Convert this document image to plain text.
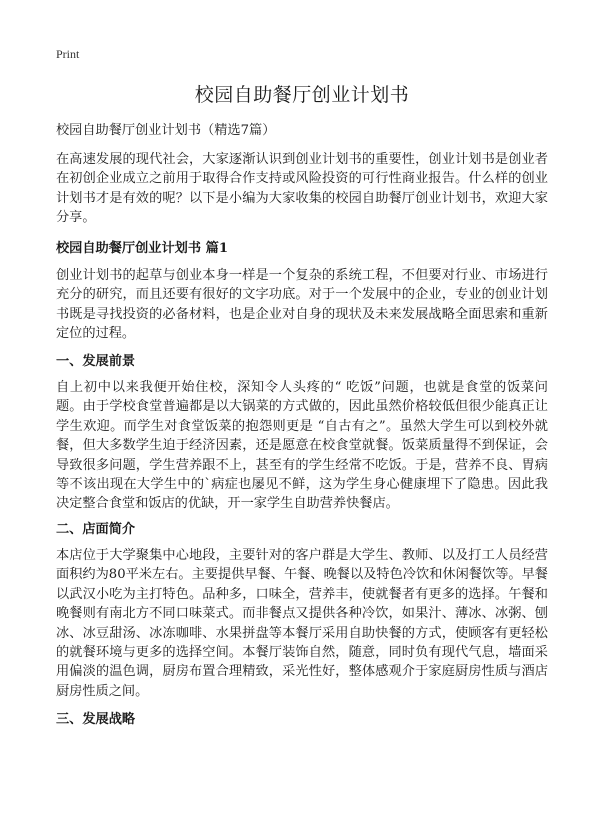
Print
校园自助餐厅创业计划书

校园自助餐厅创业计划书（精选7篇）

在高速发展的现代社会，大家逐渐认识到创业计划书的重要性，创业计划书是创业者在初创企业成立之前用于取得合作支持或风险投资的可行性商业报告。什么样的创业计划书才是有效的呢？以下是小编为大家收集的校园自助餐厅创业计划书，欢迎大家分享。

校园自助餐厅创业计划书 篇1

创业计划书的起草与创业本身一样是一个复杂的系统工程，不但要对行业、市场进行充分的研究，而且还要有很好的文字功底。对于一个发展中的企业，专业的创业计划书既是寻找投资的必备材料，也是企业对自身的现状及未来发展战略全面思索和重新定位的过程。

一、发展前景

自上初中以来我便开始住校，深知令人头疼的“ 吃饭”问题，也就是食堂的饭菜问题。由于学校食堂普遍都是以大锅菜的方式做的，因此虽然价格较低但很少能真正让学生欢迎。而学生对食堂饭菜的抱怨则更是 “自古有之”。虽然大学生可以到校外就餐，但大多数学生迫于经济因素，还是愿意在校食堂就餐。饭菜质量得不到保证，会导致很多问题，学生营养跟不上，甚至有的学生经常不吃饭。于是，营养不良、胃病等不该出现在大学生中的`病症也屡见不鲜，这为学生身心健康埋下了隐患。因此我决定整合食堂和饭店的优缺，开一家学生自助营养快餐店。

二、店面简介

本店位于大学聚集中心地段，主要针对的客户群是大学生、教师、以及打工人员经营面积约为80平米左右。主要提供早餐、午餐、晚餐以及特色冷饮和休闲餐饮等。早餐以武汉小吃为主打特色。品种多，口味全，营养丰，使就餐者有更多的选择。午餐和晚餐则有南北方不同口味菜式。而非餐点又提供各种冷饮，如果汁、薄冰、冰粥、刨冰、冰豆甜汤、冰冻咖啡、水果拼盘等本餐厅采用自助快餐的方式，使顾客有更轻松的就餐环境与更多的选择空间。本餐厅装饰自然，随意，同时负有现代气息，墙面采用偏淡的温色调，厨房布置合理精致，采光性好，整体感观介于家庭厨房性质与酒店厨房性质之间。

三、发展战略
